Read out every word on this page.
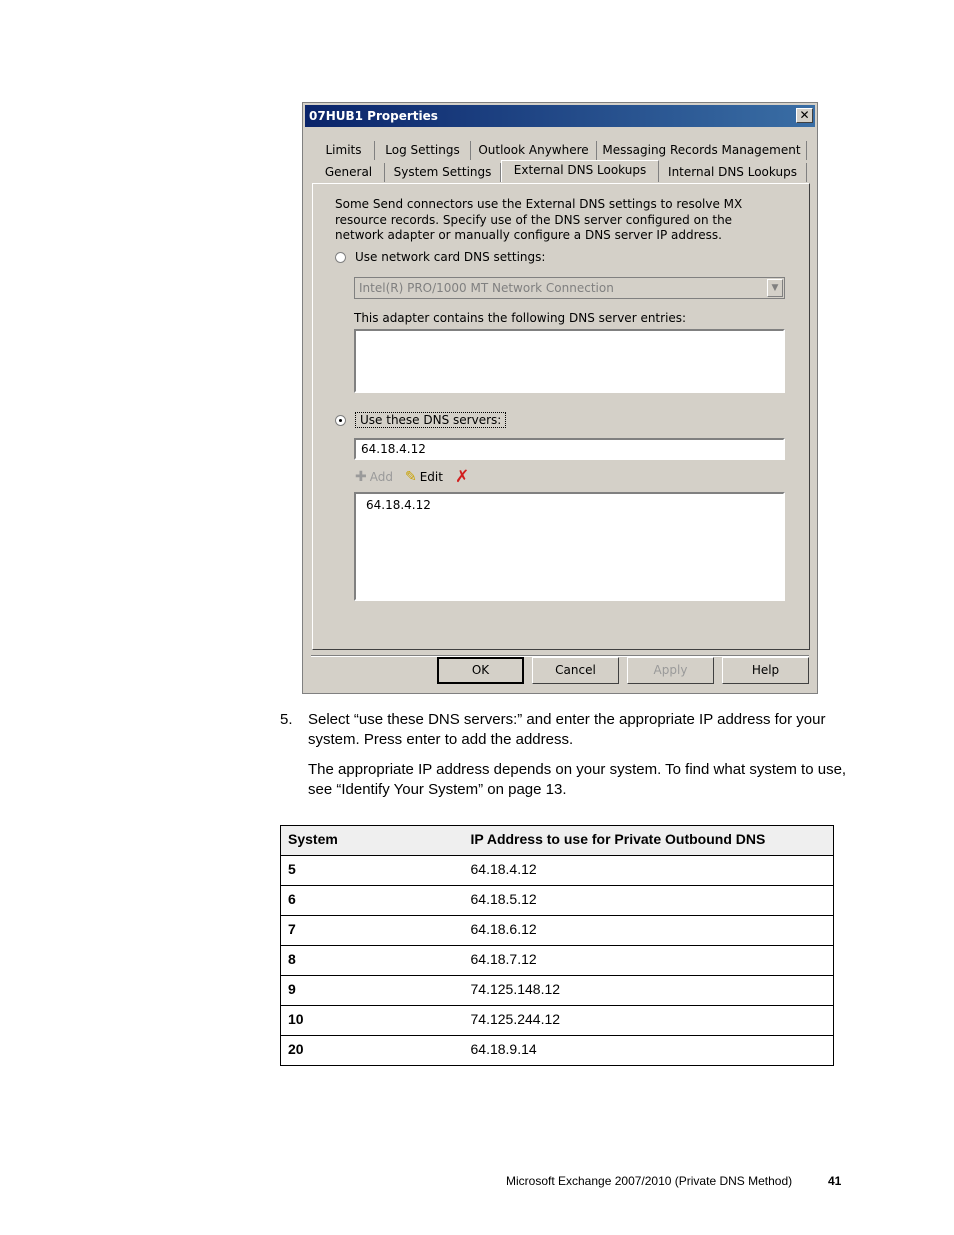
07HUB1 Properties	✕
Limits	Log Settings	Outlook Anywhere	Messaging Records Management
General	System Settings	External DNS Lookups	Internal DNS Lookups
Some Send connectors use the External DNS settings to resolve MX resource records. Specify use of the DNS server configured on the network adapter or manually configure a DNS server IP address.
Use network card DNS settings:
Intel(R) PRO/1000 MT Network Connection	▼
This adapter contains the following DNS server entries:
Use these DNS servers:
64.18.4.12
✚ Add ✎ Edit ✗
64.18.4.12
OK	Cancel	Apply	Help
5. Select “use these DNS servers:” and enter the appropriate IP address for your system. Press enter to add the address.
The appropriate IP address depends on your system. To find what system to use, see “Identify Your System” on page 13.
System	IP Address to use for Private Outbound DNS
5	64.18.4.12
6	64.18.5.12
7	64.18.6.12
8	64.18.7.12
9	74.125.148.12
10	74.125.244.12
20	64.18.9.14
Microsoft Exchange 2007/2010 (Private DNS Method)	41
